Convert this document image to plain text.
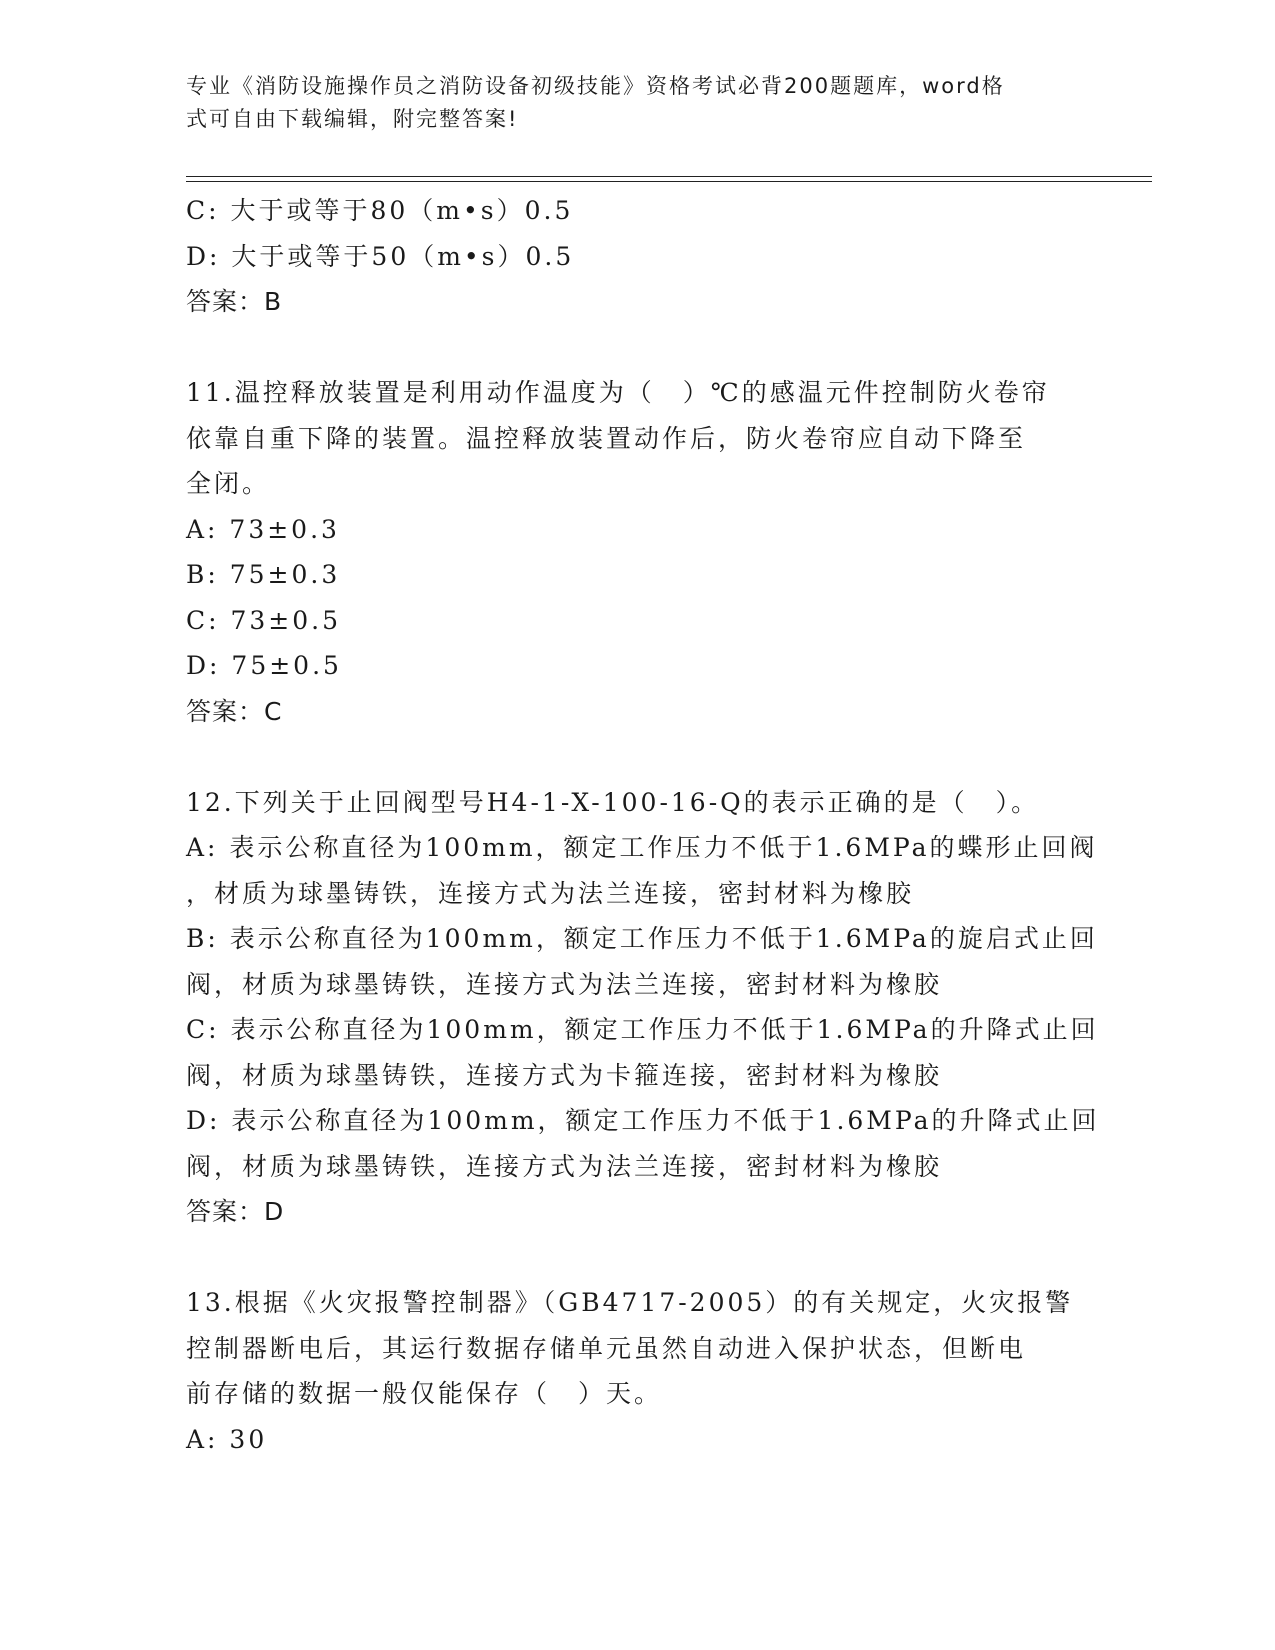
专业《消防设施操作员之消防设备初级技能》资格考试必背200题题库，word格
式可自由下载编辑，附完整答案!
C: 大于或等于80（m•s）0.5
D: 大于或等于50（m•s）0.5
答案：B
11.温控释放装置是利用动作温度为（　）℃的感温元件控制防火卷帘
依靠自重下降的装置。温控释放装置动作后，防火卷帘应自动下降至
全闭。
A: 73±0.3
B: 75±0.3
C: 73±0.5
D: 75±0.5
答案：C
12.下列关于止回阀型号H4-1-X-100-16-Q的表示正确的是（　）。
A: 表示公称直径为100mm，额定工作压力不低于1.6MPa的蝶形止回阀
，材质为球墨铸铁，连接方式为法兰连接，密封材料为橡胶
B: 表示公称直径为100mm，额定工作压力不低于1.6MPa的旋启式止回
阀，材质为球墨铸铁，连接方式为法兰连接，密封材料为橡胶
C: 表示公称直径为100mm，额定工作压力不低于1.6MPa的升降式止回
阀，材质为球墨铸铁，连接方式为卡箍连接，密封材料为橡胶
D: 表示公称直径为100mm，额定工作压力不低于1.6MPa的升降式止回
阀，材质为球墨铸铁，连接方式为法兰连接，密封材料为橡胶
答案：D
13.根据《火灾报警控制器》（GB4717-2005）的有关规定，火灾报警
控制器断电后，其运行数据存储单元虽然自动进入保护状态，但断电
前存储的数据一般仅能保存（　）天。
A: 30
